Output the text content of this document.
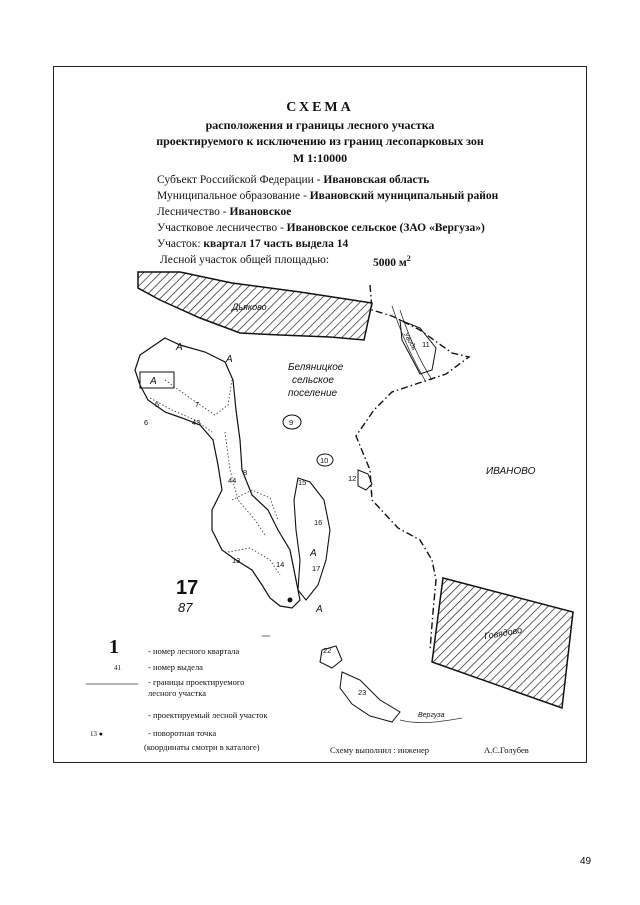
СХЕМА
расположения и границы лесного участка
проектируемого к исключению из границ лесопарковых зон
М 1:10000
Субъект Российской Федерации - Ивановская область
Муниципальное образование - Ивановский муниципальный район
Лесничество - Ивановское
Участковое лесничество - Ивановское сельское (ЗАО «Вергуза»)
Участок: квартал 17 часть выдела 14
Лесной участок общей площадью:	5000 $м^2$
Дьяково
Беляницкое
сельское
поселение
ИВАНОВО
Говядово
Уводь
Вергуза
А
А
А
5	7
6	43	9
10
12
15
8
44
16
А
17
13	14
А
22
23
11
17
87
1	- номер лесного квартала
41	- номер выдела
- границы проектируемого
лесного участка
- проектируемый лесной участок
13 ●	- поворотная точка
(координаты смотри в каталоге)	Схему выполнил : инженер	А.С.Голубев
49
